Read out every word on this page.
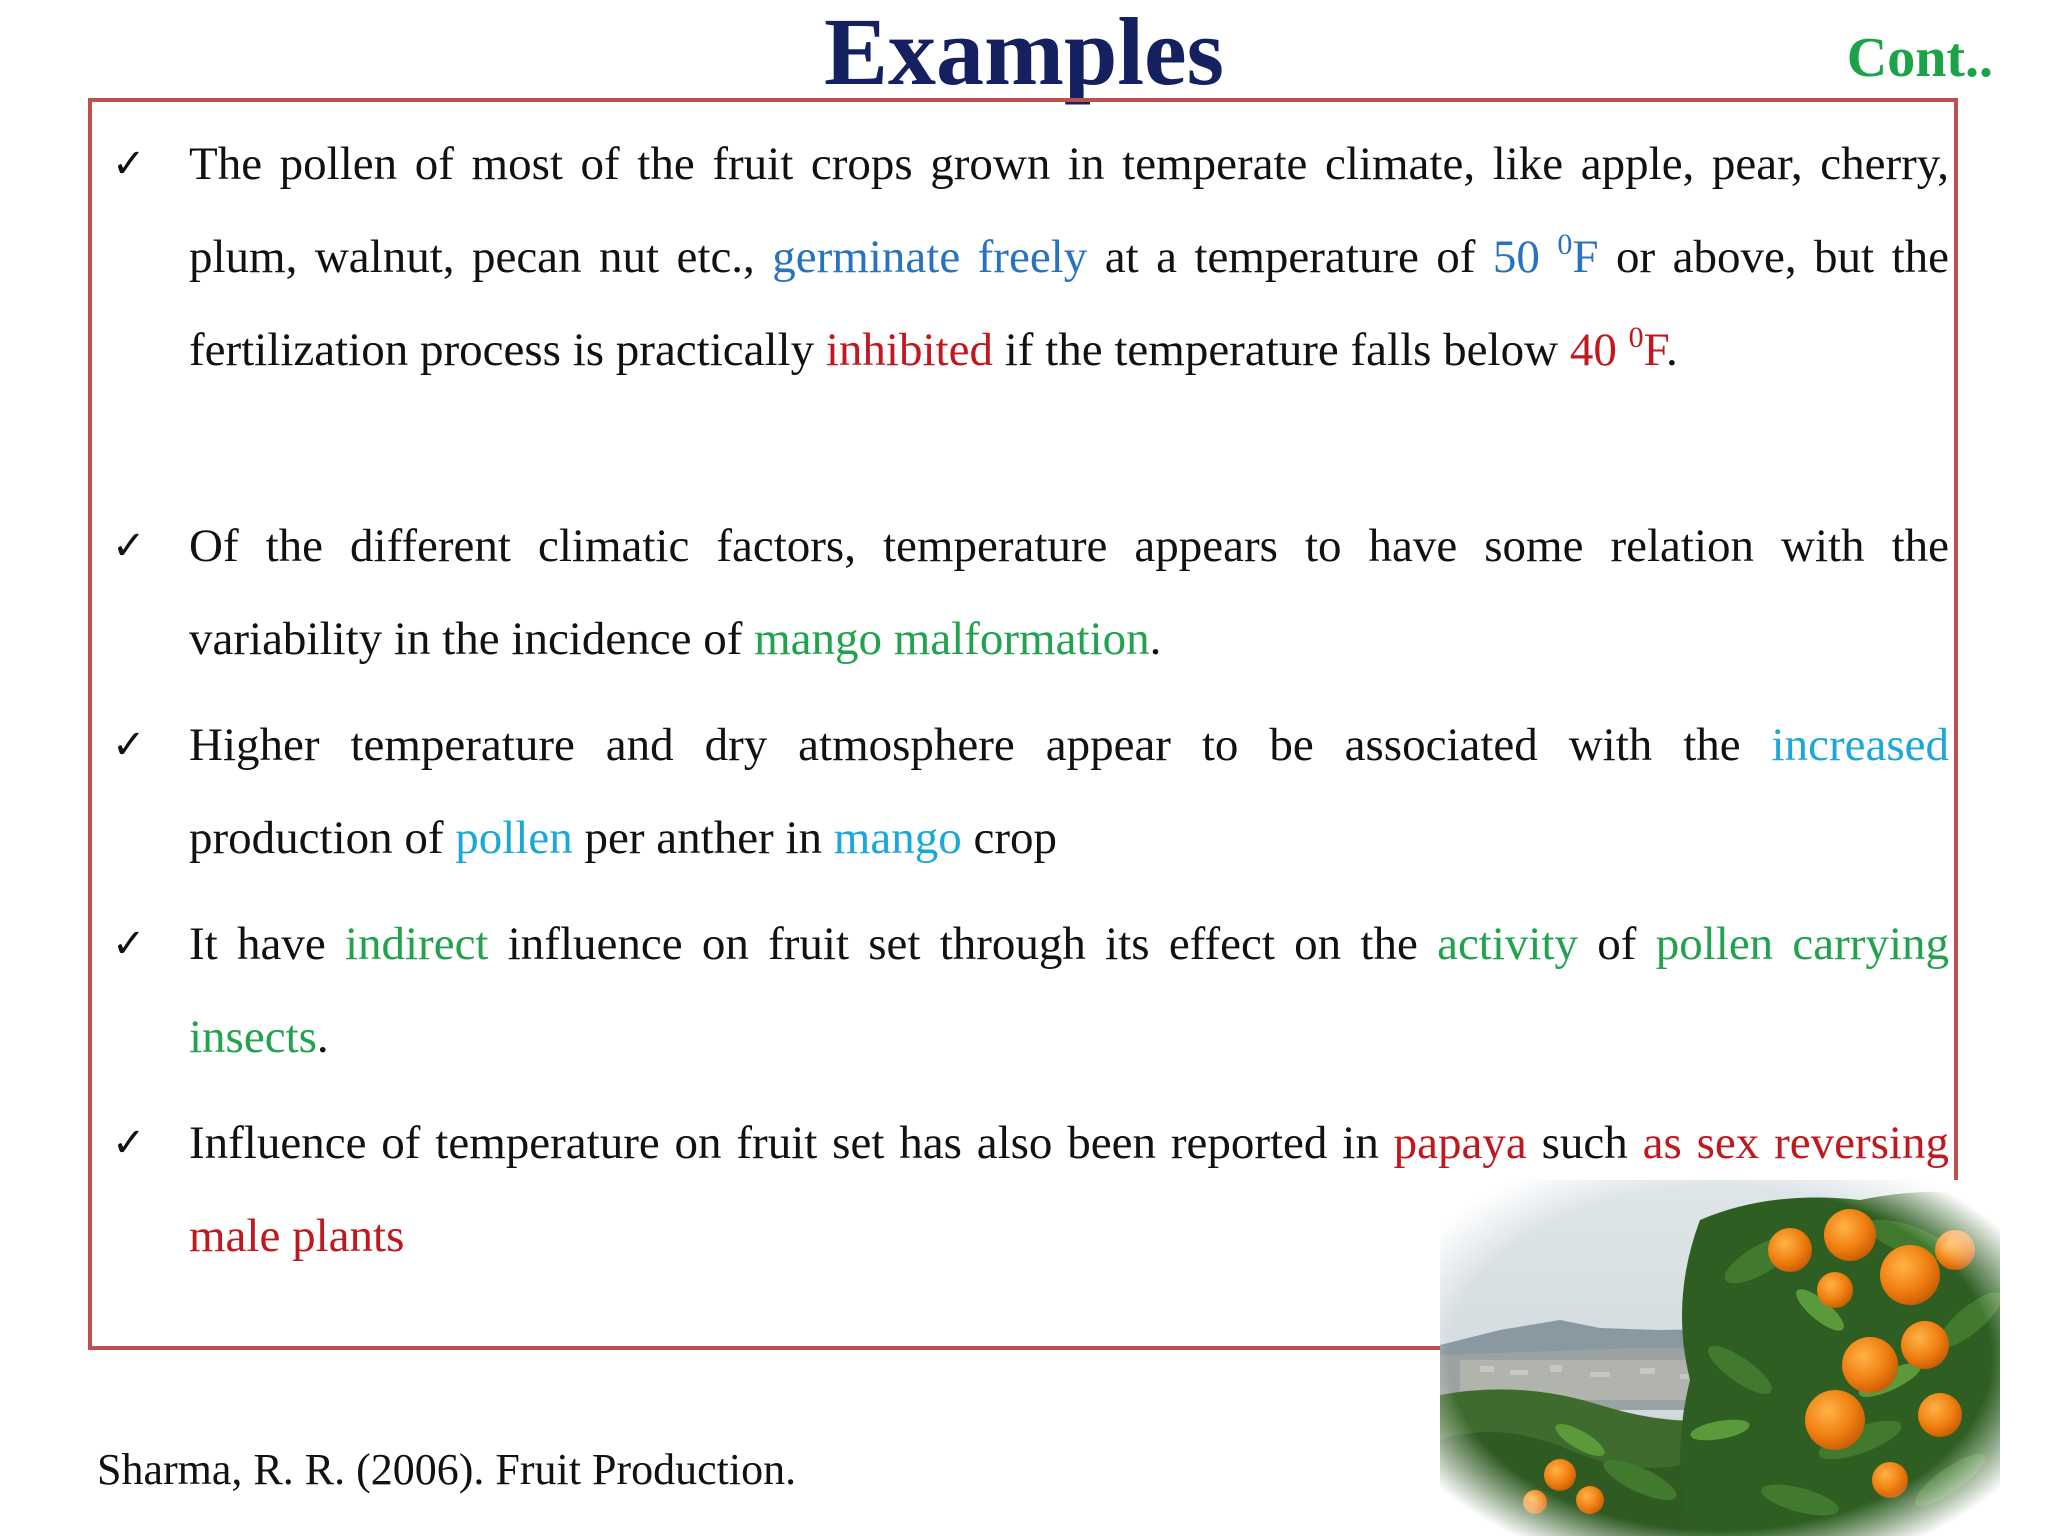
Examples	Cont..
✓ The pollen of most of the fruit crops grown in temperate climate, like apple, pear, cherry, plum, walnut, pecan nut etc., germinate freely at a temperature of 50 $^0$F or above, but the fertilization process is practically inhibited if the temperature falls below 40 $^0$F.

✓ Of the different climatic factors, temperature appears to have some relation with the variability in the incidence of mango malformation.

✓ Higher temperature and dry atmosphere appear to be associated with the increased production of pollen per anther in mango crop

✓ It have indirect influence on fruit set through its effect on the activity of pollen carrying insects.

✓ Influence of temperature on fruit set has also been reported in papaya such as sex reversing male plants

Sharma, R. R. (2006). Fruit Production.
